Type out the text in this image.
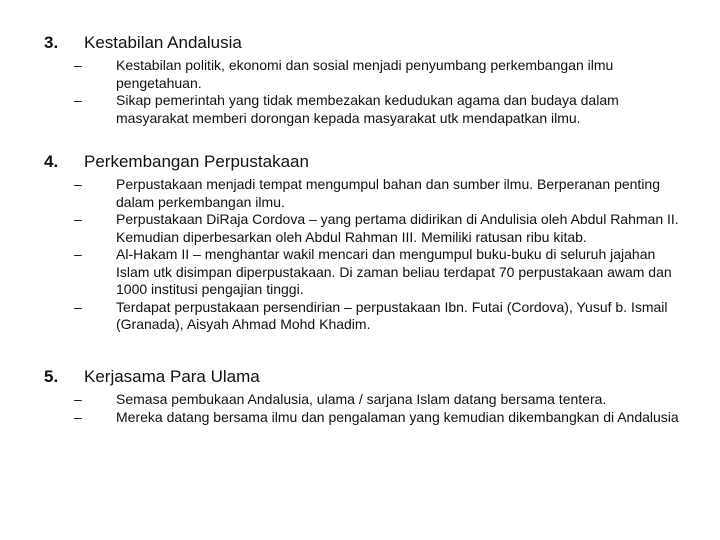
3. Kestabilan Andalusia
– Kestabilan politik, ekonomi dan sosial menjadi penyumbang perkembangan ilmu pengetahuan.
– Sikap pemerintah yang tidak membezakan kedudukan agama dan budaya dalam masyarakat memberi dorongan kepada masyarakat utk mendapatkan ilmu.
4. Perkembangan Perpustakaan
– Perpustakaan menjadi tempat mengumpul bahan dan sumber ilmu. Berperanan penting dalam perkembangan ilmu.
– Perpustakaan DiRaja Cordova – yang pertama didirikan di Andulisia oleh Abdul Rahman II. Kemudian diperbesarkan oleh Abdul Rahman III. Memiliki ratusan ribu kitab.
– Al-Hakam II – menghantar wakil mencari dan mengumpul buku-buku di seluruh jajahan Islam utk disimpan diperpustakaan. Di zaman beliau terdapat 70 perpustakaan awam dan 1000 institusi pengajian tinggi.
– Terdapat perpustakaan persendirian – perpustakaan Ibn. Futai (Cordova), Yusuf b. Ismail (Granada), Aisyah Ahmad Mohd Khadim.
5. Kerjasama Para Ulama
– Semasa pembukaan Andalusia, ulama / sarjana Islam datang bersama tentera.
– Mereka datang bersama ilmu dan pengalaman yang kemudian dikembangkan di Andalusia
